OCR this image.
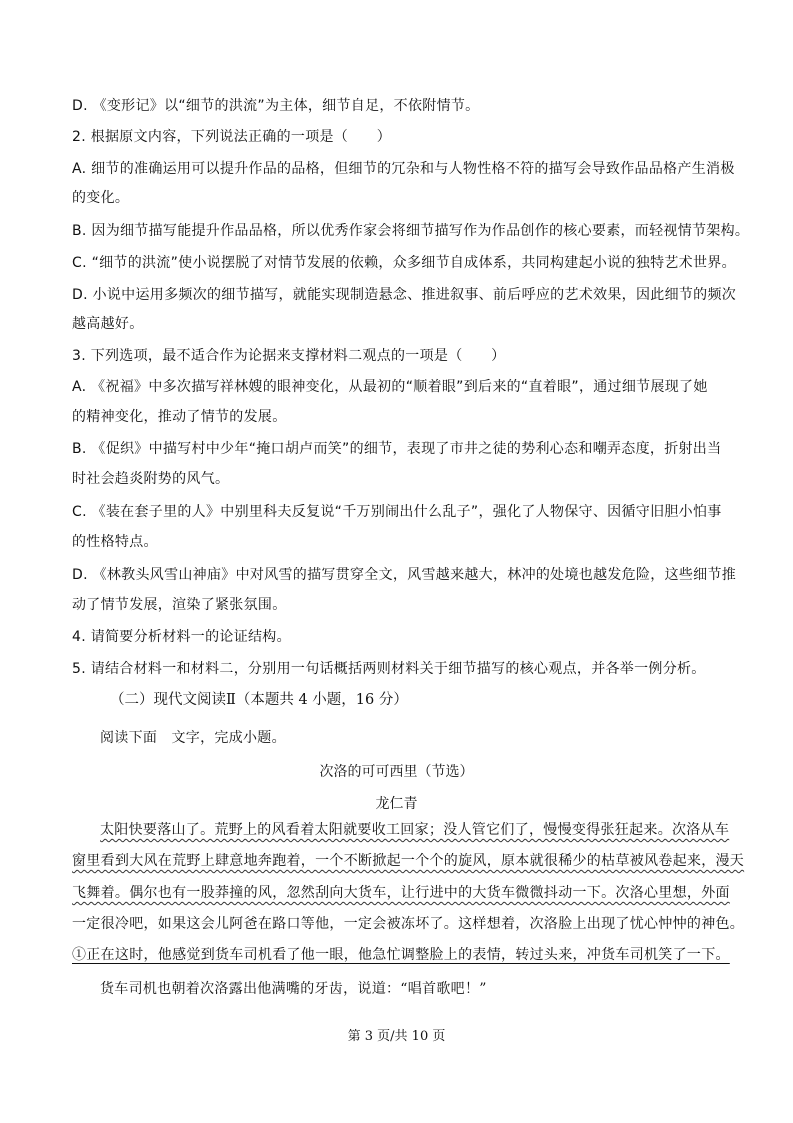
D. 《变形记》以“细节的洪流”为主体，细节自足，不依附情节。
2. 根据原文内容，下列说法正确的一项是（　　）
A. 细节的准确运用可以提升作品的品格，但细节的冗杂和与人物性格不符的描写会导致作品品格产生消极
的变化。
B. 因为细节描写能提升作品品格，所以优秀作家会将细节描写作为作品创作的核心要素，而轻视情节架构。
C. “细节的洪流”使小说摆脱了对情节发展的依赖，众多细节自成体系，共同构建起小说的独特艺术世界。
D. 小说中运用多频次的细节描写，就能实现制造悬念、推进叙事、前后呼应的艺术效果，因此细节的频次
越高越好。
3. 下列选项，最不适合作为论据来支撑材料二观点的一项是（　　）
A. 《祝福》中多次描写祥林嫂的眼神变化，从最初的“顺着眼”到后来的“直着眼”，通过细节展现了她
的精神变化，推动了情节的发展。
B. 《促织》中描写村中少年“掩口胡卢而笑”的细节，表现了市井之徒的势利心态和嘲弄态度，折射出当
时社会趋炎附势的风气。
C. 《装在套子里的人》中别里科夫反复说“千万别闹出什么乱子”，强化了人物保守、因循守旧胆小怕事
的性格特点。
D. 《林教头风雪山神庙》中对风雪的描写贯穿全文，风雪越来越大，林冲的处境也越发危险，这些细节推
动了情节发展，渲染了紧张氛围。
4. 请简要分析材料一的论证结构。
5. 请结合材料一和材料二，分别用一句话概括两则材料关于细节描写的核心观点，并各举一例分析。
（二）现代文阅读Ⅱ（本题共 4 小题，16 分）
阅读下面　文字，完成小题。
次洛的可可西里（节选）
龙仁青
太阳快要落山了。荒野上的风看着太阳就要收工回家；没人管它们了，慢慢变得张狂起来。次洛从车
窗里看到大风在荒野上肆意地奔跑着，一个不断掀起一个个的旋风，原本就很稀少的枯草被风卷起来，漫天
飞舞着。偶尔也有一股莽撞的风，忽然刮向大货车，让行进中的大货车微微抖动一下。次洛心里想，外面
一定很冷吧，如果这会儿阿爸在路口等他，一定会被冻坏了。这样想着，次洛脸上出现了忧心忡忡的神色。
①正在这时，他感觉到货车司机看了他一眼，他急忙调整脸上的表情，转过头来，冲货车司机笑了一下。
货车司机也朝着次洛露出他满嘴的牙齿，说道：“唱首歌吧！”
第 3 页/共 10 页
